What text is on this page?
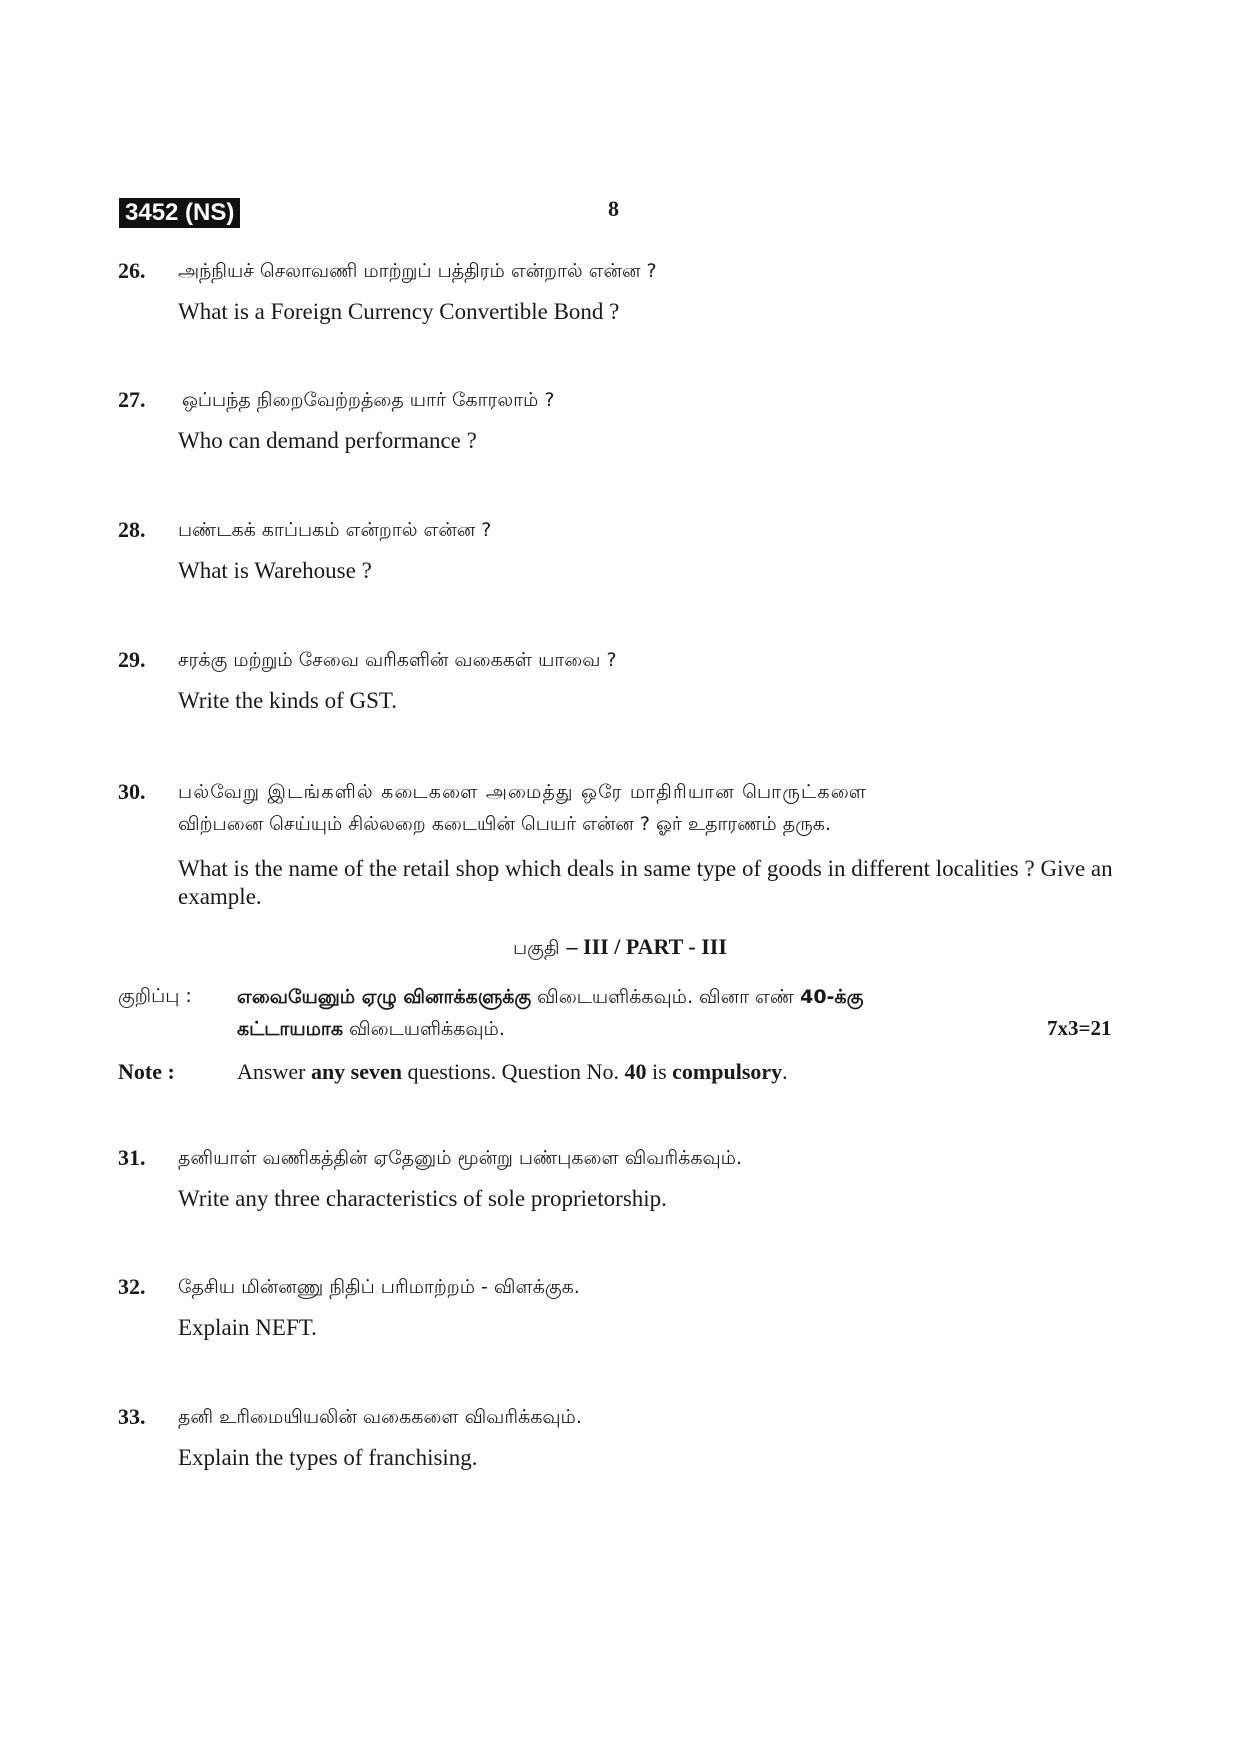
3452 (NS)	8
26. அந்நியச் செலாவணி மாற்றுப் பத்திரம் என்றால் என்ன ?
What is a Foreign Currency Convertible Bond ?
27. ஒப்பந்த நிறைவேற்றத்தை யார் கோரலாம் ?
Who can demand performance ?
28. பண்டகக் காப்பகம் என்றால் என்ன ?
What is Warehouse ?
29. சரக்கு மற்றும் சேவை வரிகளின் வகைகள் யாவை ?
Write the kinds of GST.
30. பல்வேறு இடங்களில் கடைகளை அமைத்து ஒரே மாதிரியான பொருட்களை
விற்பனை செய்யும் சில்லறை கடையின் பெயர் என்ன ? ஓர் உதாரணம் தருக.
What is the name of the retail shop which deals in same type of goods in different localities ? Give an example.
பகுதி – III / PART - III
குறிப்பு : எவையேனும் ஏழு வினாக்களுக்கு விடையளிக்கவும். வினா எண் 40-க்கு
கட்டாயமாக விடையளிக்கவும்.	7x3=21
Note :	Answer any seven questions. Question No. 40 is compulsory.
31. தனியாள் வணிகத்தின் ஏதேனும் மூன்று பண்புகளை விவரிக்கவும்.
Write any three characteristics of sole proprietorship.
32. தேசிய மின்னணு நிதிப் பரிமாற்றம் - விளக்குக.
Explain NEFT.
33. தனி உரிமையியலின் வகைகளை விவரிக்கவும்.
Explain the types of franchising.
